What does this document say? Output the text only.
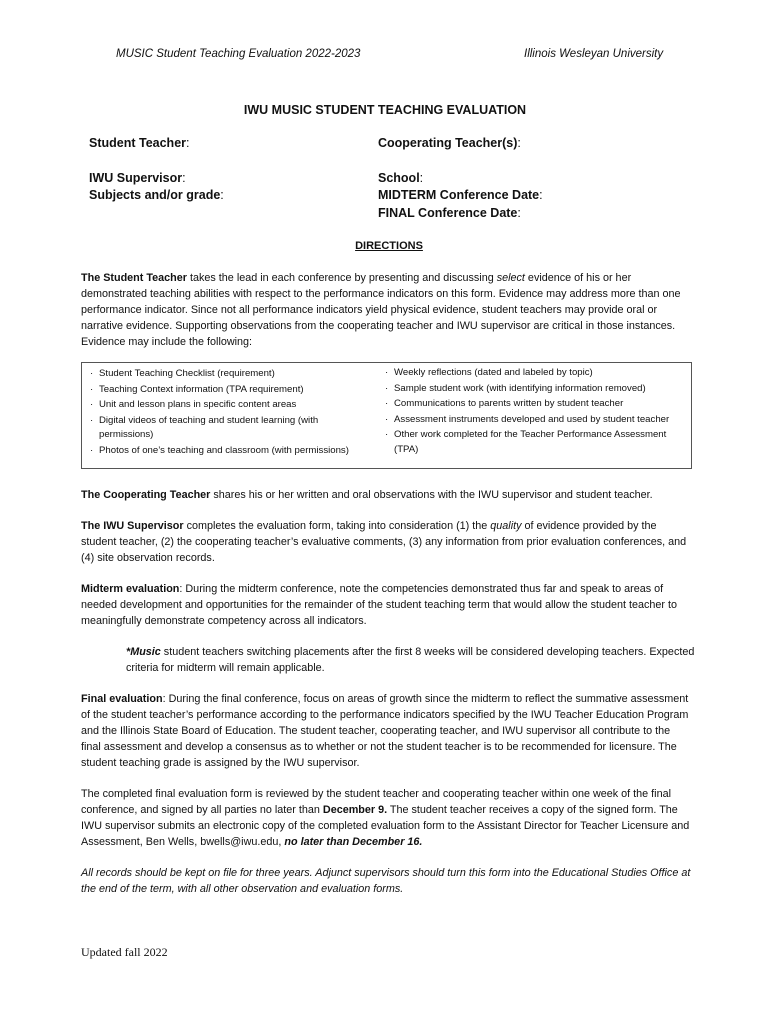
MUSIC Student Teaching Evaluation 2022-2023	Illinois Wesleyan University
IWU MUSIC STUDENT TEACHING EVALUATION
Student Teacher:	Cooperating Teacher(s):
IWU Supervisor:
Subjects and/or grade:
School:
MIDTERM Conference Date:
FINAL Conference Date:
DIRECTIONS
The Student Teacher takes the lead in each conference by presenting and discussing select evidence of his or her demonstrated teaching abilities with respect to the performance indicators on this form. Evidence may address more than one performance indicator. Since not all performance indicators yield physical evidence, student teachers may provide oral or narrative evidence. Supporting observations from the cooperating teacher and IWU supervisor are critical in those instances. Evidence may include the following:
· Student Teaching Checklist (requirement)
· Teaching Context information (TPA requirement)
· Unit and lesson plans in specific content areas
· Digital videos of teaching and student learning (with permissions)
· Photos of one’s teaching and classroom (with permissions)
· Weekly reflections (dated and labeled by topic)
· Sample student work (with identifying information removed)
· Communications to parents written by student teacher
· Assessment instruments developed and used by student teacher
· Other work completed for the Teacher Performance Assessment (TPA)
The Cooperating Teacher shares his or her written and oral observations with the IWU supervisor and student teacher.
The IWU Supervisor completes the evaluation form, taking into consideration (1) the quality of evidence provided by the student teacher, (2) the cooperating teacher’s evaluative comments, (3) any information from prior evaluation conferences, and (4) site observation records.
Midterm evaluation: During the midterm conference, note the competencies demonstrated thus far and speak to areas of needed development and opportunities for the remainder of the student teaching term that would allow the student teacher to meaningfully demonstrate competency across all indicators.
*Music student teachers switching placements after the first 8 weeks will be considered developing teachers. Expected criteria for midterm will remain applicable.
Final evaluation: During the final conference, focus on areas of growth since the midterm to reflect the summative assessment of the student teacher’s performance according to the performance indicators specified by the IWU Teacher Education Program and the Illinois State Board of Education. The student teacher, cooperating teacher, and IWU supervisor all contribute to the final assessment and develop a consensus as to whether or not the student teacher is to be recommended for licensure. The student teaching grade is assigned by the IWU supervisor.
The completed final evaluation form is reviewed by the student teacher and cooperating teacher within one week of the final conference, and signed by all parties no later than December 9. The student teacher receives a copy of the signed form. The IWU supervisor submits an electronic copy of the completed evaluation form to the Assistant Director for Teacher Licensure and Assessment, Ben Wells, bwells@iwu.edu, no later than December 16.
All records should be kept on file for three years. Adjunct supervisors should turn this form into the Educational Studies Office at the end of the term, with all other observation and evaluation forms.
Updated fall 2022
